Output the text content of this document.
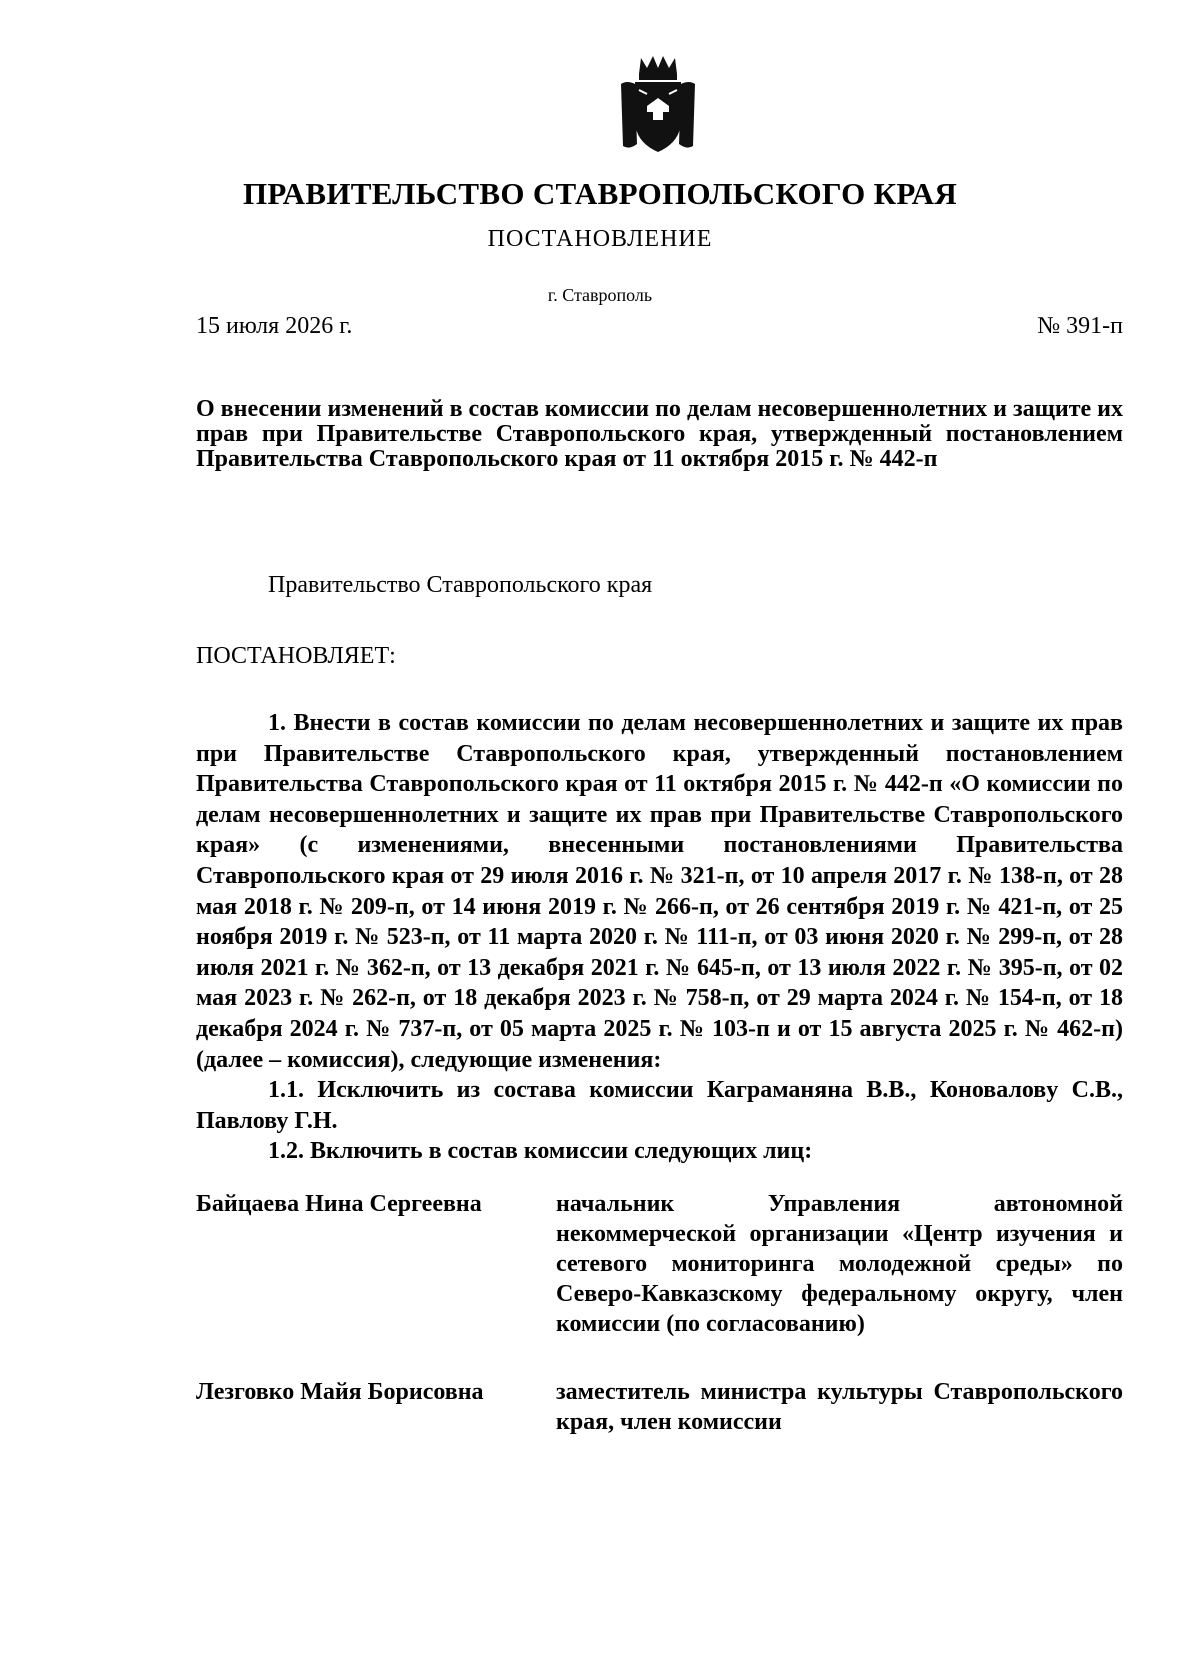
ПРАВИТЕЛЬСТВО СТАВРОПОЛЬСКОГО КРАЯ
ПОСТАНОВЛЕНИЕ
г. Ставрополь
15 июля 2026 г.	№ 391-п
О внесении изменений в состав комиссии по делам несовершеннолетних и защите их прав при Правительстве Ставропольского края, утвержденный постановлением Правительства Ставропольского края от 11 октября 2015 г. № 442-п
Правительство Ставропольского края
ПОСТАНОВЛЯЕТ:

1. Внести в состав комиссии по делам несовершеннолетних и защите их прав при Правительстве Ставропольского края, утвержденный постановлением Правительства Ставропольского края от 11 октября 2015 г. № 442-п «О комиссии по делам несовершеннолетних и защите их прав при Правительстве Ставропольского края» (с изменениями, внесенными постановлениями Правительства Ставропольского края от 29 июля 2016 г. № 321-п, от 10 апреля 2017 г. № 138-п, от 28 мая 2018 г. № 209-п, от 14 июня 2019 г. № 266-п, от 26 сентября 2019 г. № 421-п, от 25 ноября 2019 г. № 523-п, от 11 марта 2020 г. № 111-п, от 03 июня 2020 г. № 299-п, от 28 июля 2021 г. № 362-п, от 13 декабря 2021 г. № 645-п, от 13 июля 2022 г. № 395-п, от 02 мая 2023 г. № 262-п, от 18 декабря 2023 г. № 758-п, от 29 марта 2024 г. № 154-п, от 18 декабря 2024 г. № 737-п, от 05 марта 2025 г. № 103-п и от 15 августа 2025 г. № 462-п) (далее – комиссия), следующие изменения:

1.1. Исключить из состава комиссии Каграманяна В.В., Коноваловy С.В., Павлову Г.Н.

1.2. Включить в состав комиссии следующих лиц:

Байцаева Нина Сергеевна	начальник Управления автономной некоммерческой организации «Центр изучения и сетевого мониторинга молодежной среды» по Северо-Кавказскому федеральному округу, член комиссии (по согласованию)
Лезговко Майя Борисовна	заместитель министра культуры Ставропольского края, член комиссии
